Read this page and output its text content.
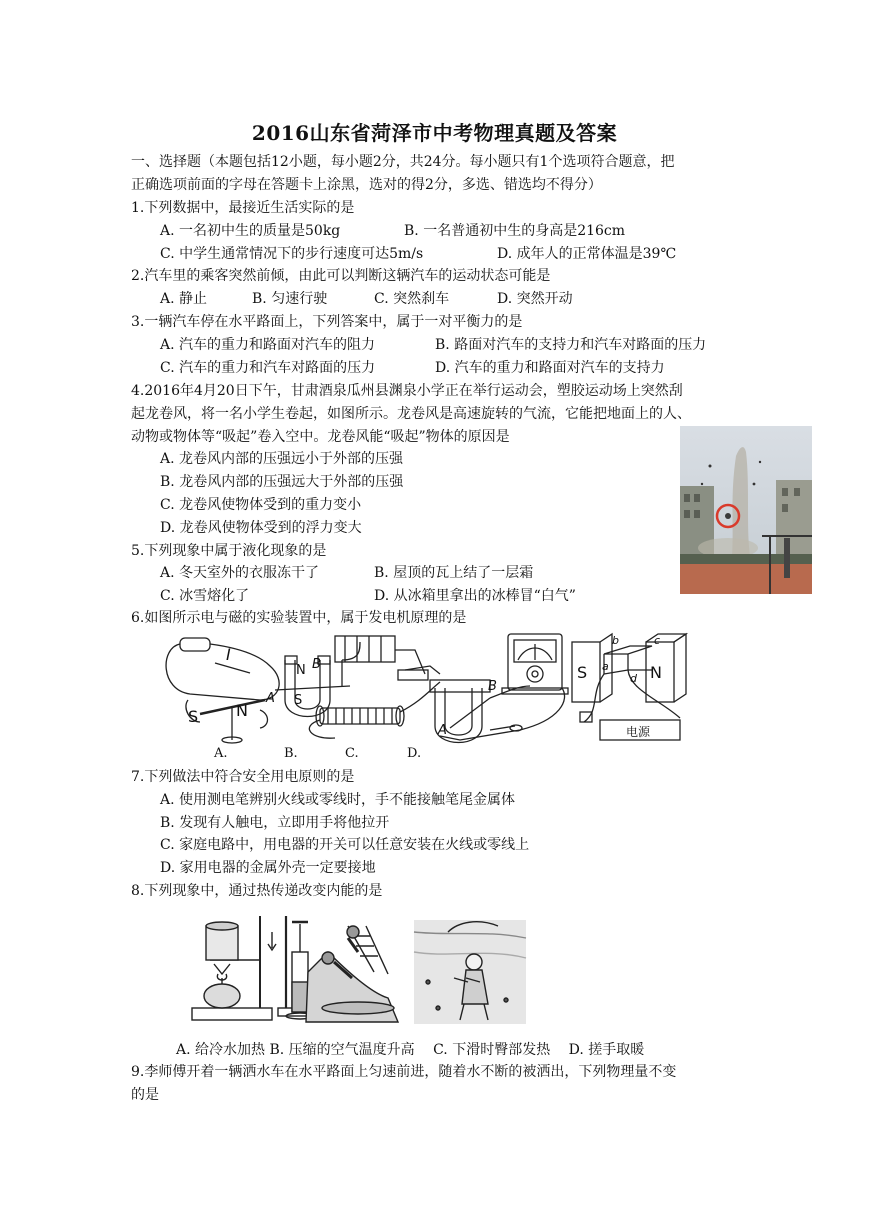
2016山东省菏泽市中考物理真题及答案
一、选择题（本题包括12小题，每小题2分，共24分。每小题只有1个选项符合题意，把
正确选项前面的字母在答题卡上涂黑，选对的得2分，多选、错选均不得分）
1.下列数据中，最接近生活实际的是
A. 一名初中生的质量是50kg	B. 一名普通初中生的身高是216cm
C. 中学生通常情况下的步行速度可达5m/s	D. 成年人的正常体温是39℃
2.汽车里的乘客突然前倾，由此可以判断这辆汽车的运动状态可能是
A. 静止	B. 匀速行驶	C. 突然刹车	D. 突然开动
3.一辆汽车停在水平路面上，下列答案中，属于一对平衡力的是
A. 汽车的重力和路面对汽车的阻力	B. 路面对汽车的支持力和汽车对路面的压力
C. 汽车的重力和汽车对路面的压力	D. 汽车的重力和路面对汽车的支持力
4.2016年4月20日下午，甘肃酒泉瓜州县渊泉小学正在举行运动会，塑胶运动场上突然刮
起龙卷风，将一名小学生卷起，如图所示。龙卷风是高速旋转的气流，它能把地面上的人、
动物或物体等“吸起”卷入空中。龙卷风能“吸起”物体的原因是
A. 龙卷风内部的压强远小于外部的压强
B. 龙卷风内部的压强远大于外部的压强
C. 龙卷风使物体受到的重力变小
D. 龙卷风使物体受到的浮力变大
5.下列现象中属于液化现象的是
A. 冬天室外的衣服冻干了	B. 屋顶的瓦上结了一层霜
C. 冰雪熔化了	D. 从冰箱里拿出的冰棒冒“白气”
6.如图所示电与磁的实验装置中，属于发电机原理的是
I
S N
N B
A S
B
A
S	N
a
b	c
d
电源
A.	B.	C.	D.
7.下列做法中符合安全用电原则的是
A. 使用测电笔辨别火线或零线时，手不能接触笔尾金属体
B. 发现有人触电，立即用手将他拉开
C. 家庭电路中，用电器的开关可以任意安装在火线或零线上
D. 家用电器的金属外壳一定要接地
8.下列现象中，通过热传递改变内能的是
A. 给冷水加热 B. 压缩的空气温度升高　 C. 下滑时臀部发热　 D. 搓手取暖
9.李师傅开着一辆洒水车在水平路面上匀速前进，随着水不断的被洒出，下列物理量不变
的是
